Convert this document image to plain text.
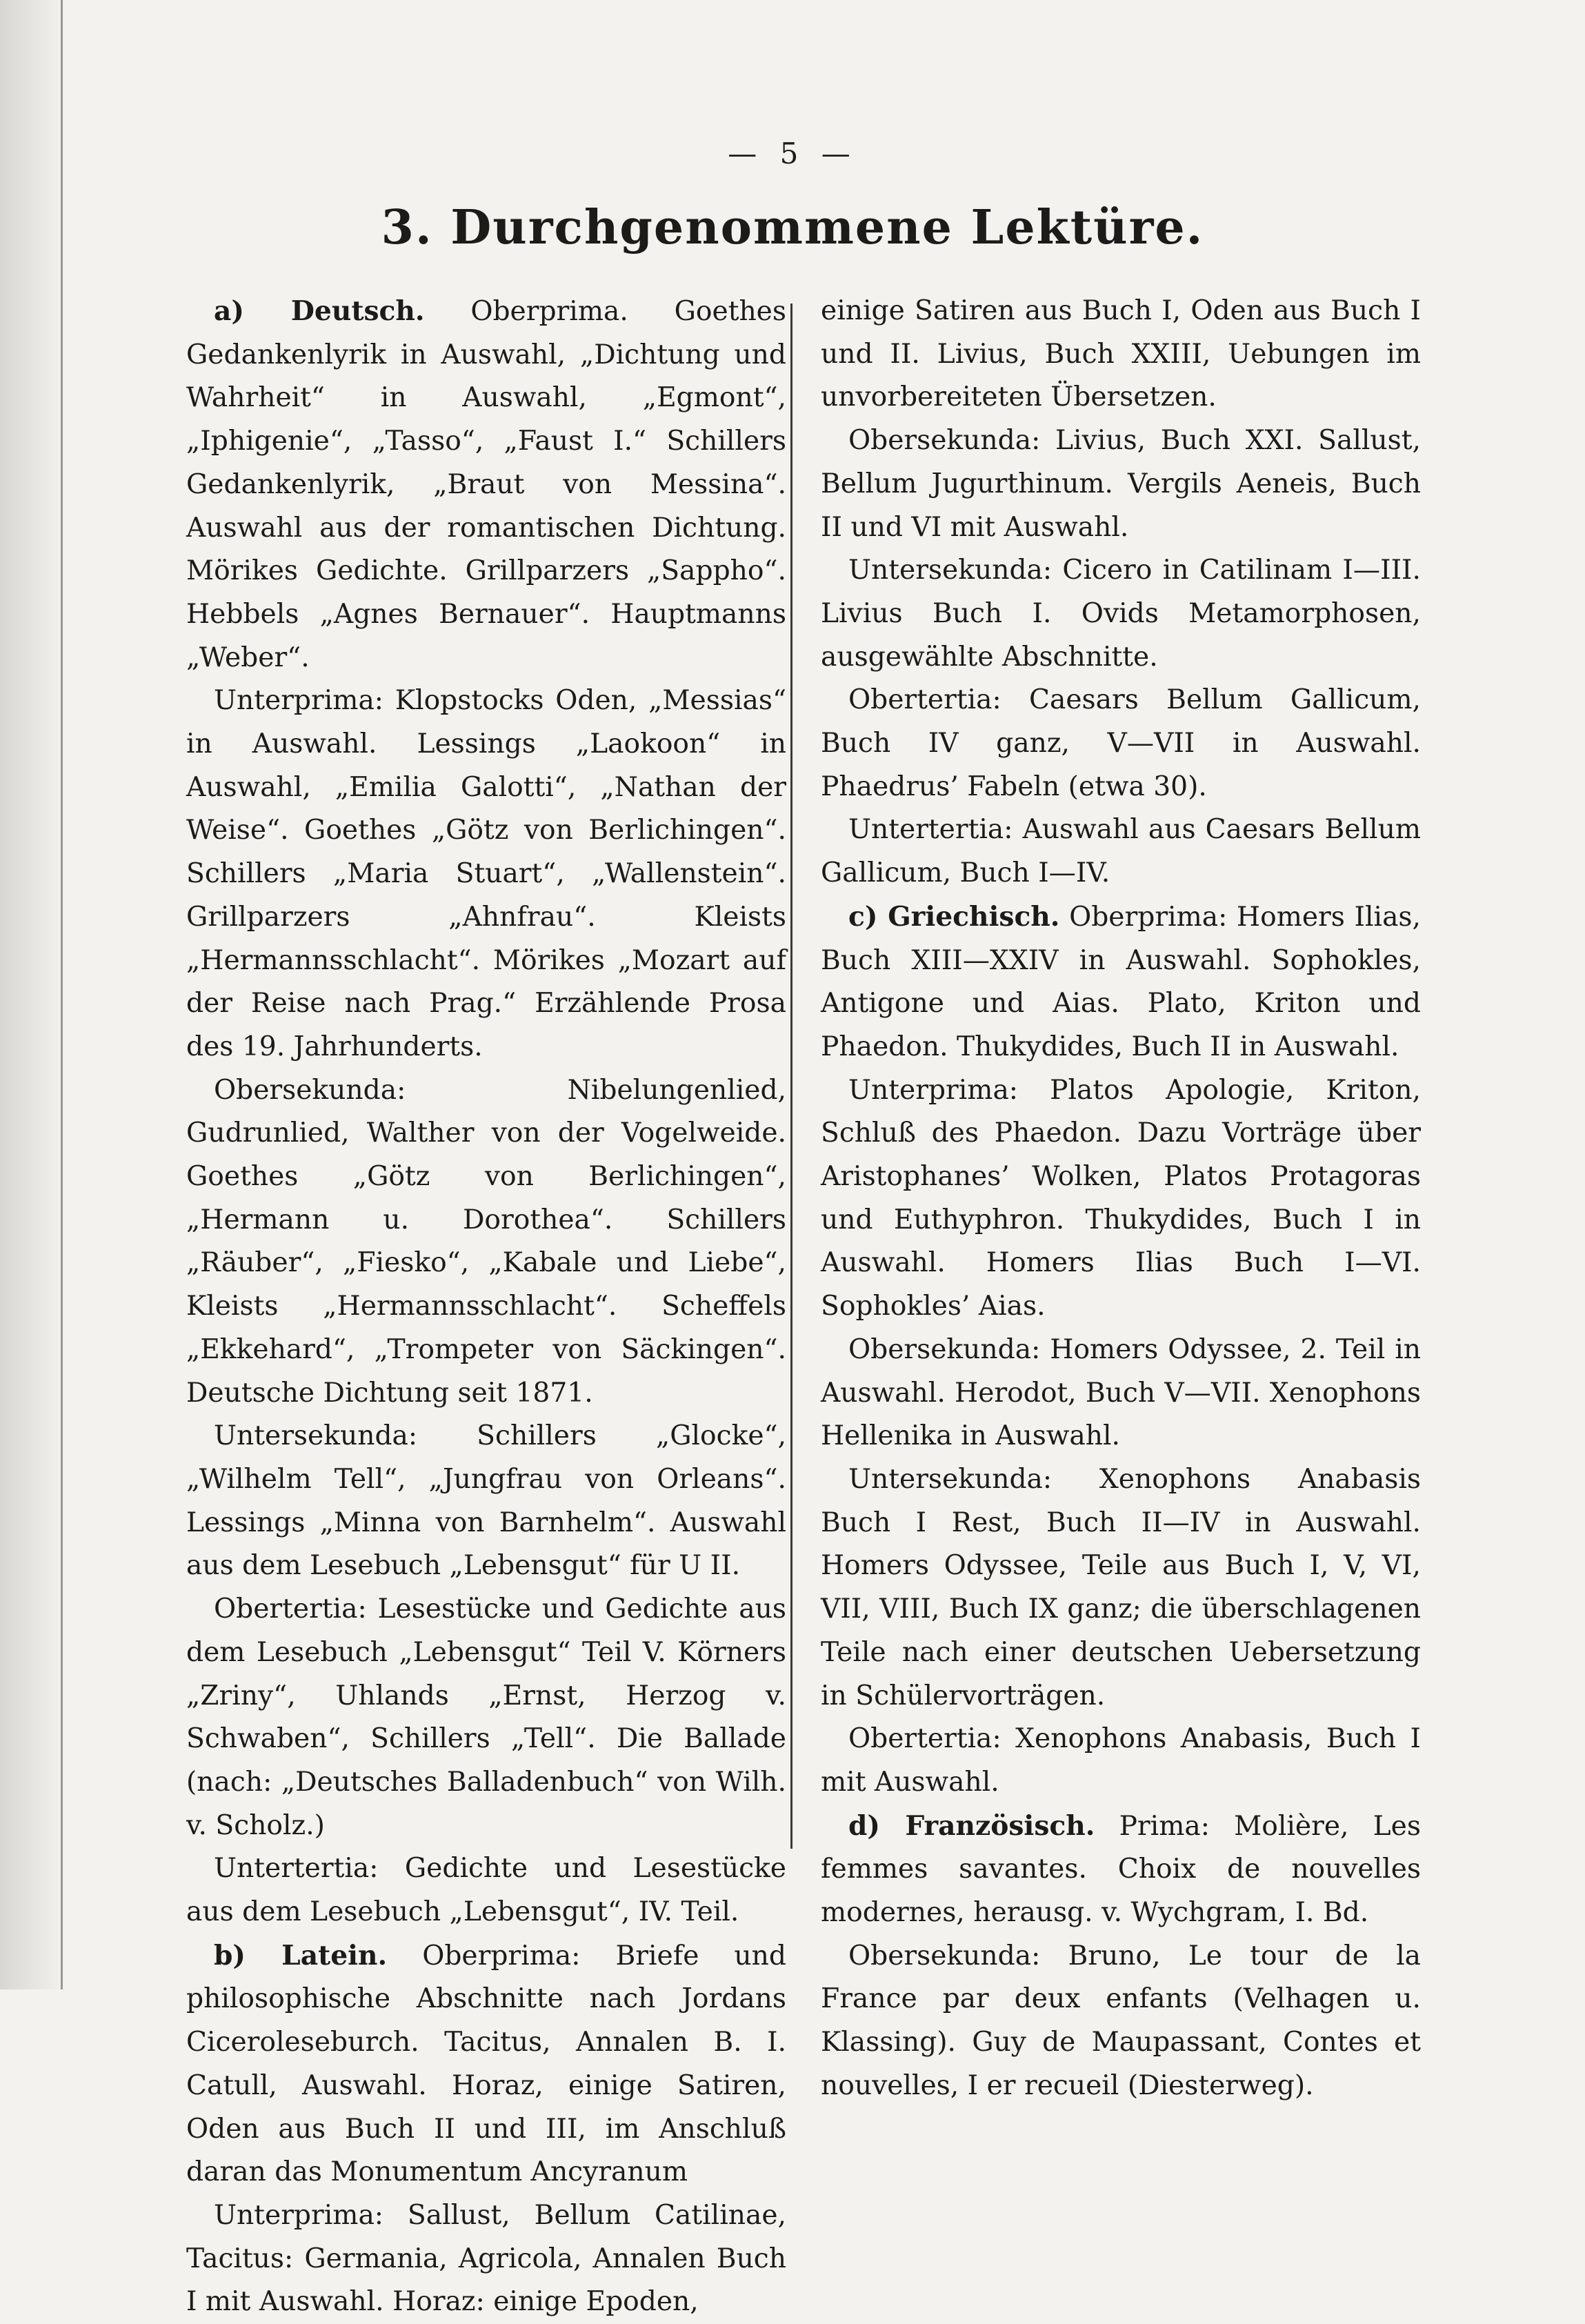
— 5 —
3. Durchgenommene Lektüre.

a) Deutsch. Oberprima. Goethes Gedankenlyrik in Auswahl, „Dichtung und Wahrheit“ in Auswahl, „Egmont“, „Iphigenie“, „Tasso“, „Faust I.“ Schillers Gedankenlyrik, „Braut von Messina“. Auswahl aus der romantischen Dichtung. Mörikes Gedichte. Grillparzers „Sappho“. Hebbels „Agnes Bernauer“. Hauptmanns „Weber“.

Unterprima: Klopstocks Oden, „Messias“ in Auswahl. Lessings „Laokoon“ in Auswahl, „Emilia Galotti“, „Nathan der Weise“. Goethes „Götz von Berlichingen“. Schillers „Maria Stuart“, „Wallenstein“. Grillparzers „Ahnfrau“. Kleists „Hermannsschlacht“. Mörikes „Mozart auf der Reise nach Prag.“ Erzählende Prosa des 19. Jahrhunderts.

Obersekunda: Nibelungenlied, Gudrunlied, Walther von der Vogelweide. Goethes „Götz von Berlichingen“, „Hermann u. Dorothea“. Schillers „Räuber“, „Fiesko“, „Kabale und Liebe“, Kleists „Hermannsschlacht“. Scheffels „Ekkehard“, „Trompeter von Säckingen“. Deutsche Dichtung seit 1871.

Untersekunda: Schillers „Glocke“, „Wilhelm Tell“, „Jungfrau von Orleans“. Lessings „Minna von Barnhelm“. Auswahl aus dem Lesebuch „Lebensgut“ für U II.

Obertertia: Lesestücke und Gedichte aus dem Lesebuch „Lebensgut“ Teil V. Körners „Zriny“, Uhlands „Ernst, Herzog v. Schwaben“, Schillers „Tell“. Die Ballade (nach: „Deutsches Balladenbuch“ von Wilh. v. Scholz.)

Untertertia: Gedichte und Lesestücke aus dem Lesebuch „Lebensgut“, IV. Teil.

b) Latein. Oberprima: Briefe und philosophische Abschnitte nach Jordans Ciceroleseburch. Tacitus, Annalen B. I. Catull, Auswahl. Horaz, einige Satiren, Oden aus Buch II und III, im Anschluß daran das Monumentum Ancyranum

Unterprima: Sallust, Bellum Catilinae, Tacitus: Germania, Agricola, Annalen Buch I mit Auswahl. Horaz: einige Epoden,

einige Satiren aus Buch I, Oden aus Buch I und II. Livius, Buch XXIII, Uebungen im unvorbereiteten Übersetzen.

Obersekunda: Livius, Buch XXI. Sallust, Bellum Jugurthinum. Vergils Aeneis, Buch II und VI mit Auswahl.

Untersekunda: Cicero in Catilinam I—III. Livius Buch I. Ovids Metamorphosen, ausgewählte Abschnitte.

Obertertia: Caesars Bellum Gallicum, Buch IV ganz, V—VII in Auswahl. Phaedrus’ Fabeln (etwa 30).

Untertertia: Auswahl aus Caesars Bellum Gallicum, Buch I—IV.

c) Griechisch. Oberprima: Homers Ilias, Buch XIII—XXIV in Auswahl. Sophokles, Antigone und Aias. Plato, Kriton und Phaedon. Thukydides, Buch II in Auswahl.

Unterprima: Platos Apologie, Kriton, Schluß des Phaedon. Dazu Vorträge über Aristophanes’ Wolken, Platos Protagoras und Euthyphron. Thukydides, Buch I in Auswahl. Homers Ilias Buch I—VI. Sophokles’ Aias.

Obersekunda: Homers Odyssee, 2. Teil in Auswahl. Herodot, Buch V—VII. Xenophons Hellenika in Auswahl.

Untersekunda: Xenophons Anabasis Buch I Rest, Buch II—IV in Auswahl. Homers Odyssee, Teile aus Buch I, V, VI, VII, VIII, Buch IX ganz; die überschlagenen Teile nach einer deutschen Uebersetzung in Schülervorträgen.

Obertertia: Xenophons Anabasis, Buch I mit Auswahl.

d) Französisch. Prima: Molière, Les femmes savantes. Choix de nouvelles modernes, herausg. v. Wychgram, I. Bd.

Obersekunda: Bruno, Le tour de la France par deux enfants (Velhagen u. Klassing). Guy de Maupassant, Contes et nouvelles, I er recueil (Diesterweg).
